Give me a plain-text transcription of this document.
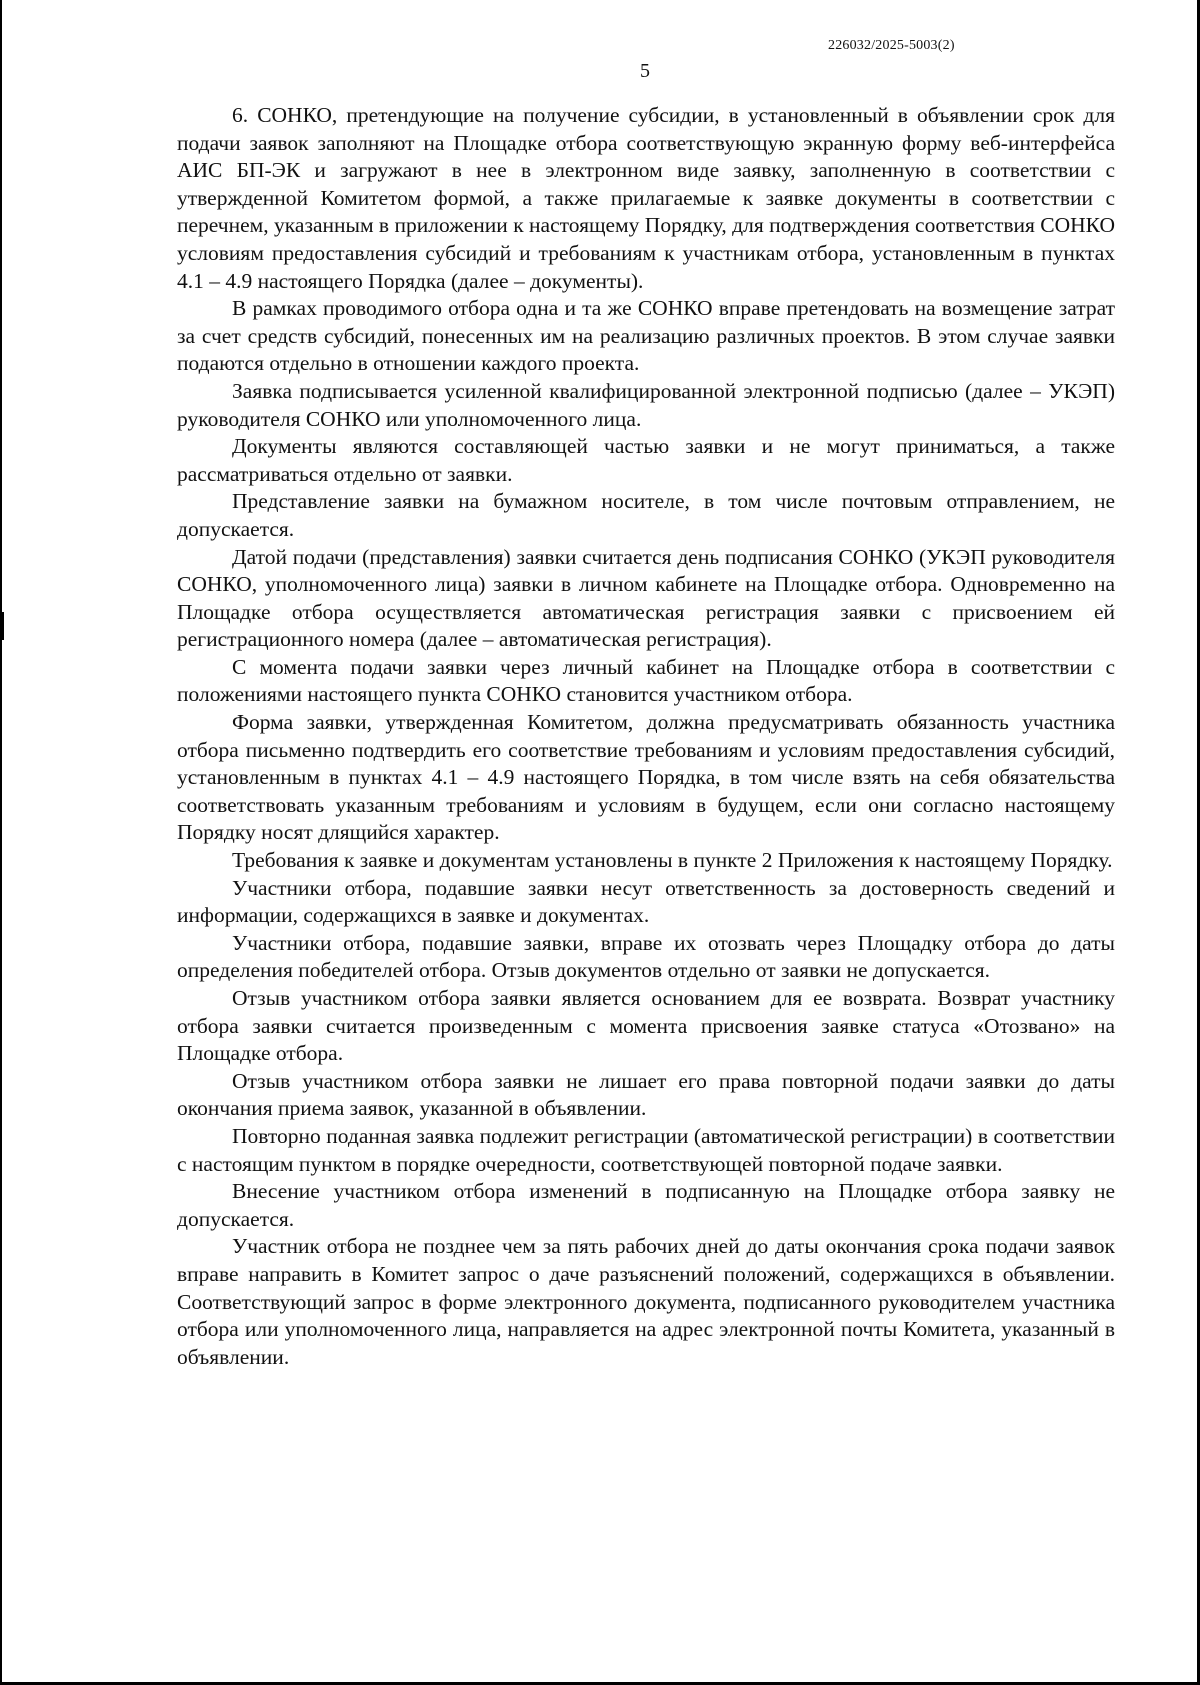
226032/2025-5003(2)
5

6. СОНКО, претендующие на получение субсидии, в установленный в объявлении срок для подачи заявок заполняют на Площадке отбора соответствующую экранную форму веб-интерфейса АИС БП-ЭК и загружают в нее в электронном виде заявку, заполненную в соответствии с утвержденной Комитетом формой, а также прилагаемые к заявке документы в соответствии с перечнем, указанным в приложении к настоящему Порядку, для подтверждения соответствия СОНКО условиям предоставления субсидий и требованиям к участникам отбора, установленным в пунктах 4.1 – 4.9 настоящего Порядка (далее – документы).

В рамках проводимого отбора одна и та же СОНКО вправе претендовать на возмещение затрат за счет средств субсидий, понесенных им на реализацию различных проектов. В этом случае заявки подаются отдельно в отношении каждого проекта.

Заявка подписывается усиленной квалифицированной электронной подписью (далее – УКЭП) руководителя СОНКО или уполномоченного лица.

Документы являются составляющей частью заявки и не могут приниматься, а также рассматриваться отдельно от заявки.

Представление заявки на бумажном носителе, в том числе почтовым отправлением, не допускается.

Датой подачи (представления) заявки считается день подписания СОНКО (УКЭП руководителя СОНКО, уполномоченного лица) заявки в личном кабинете на Площадке отбора. Одновременно на Площадке отбора осуществляется автоматическая регистрация заявки с присвоением ей регистрационного номера (далее – автоматическая регистрация).

С момента подачи заявки через личный кабинет на Площадке отбора в соответствии с положениями настоящего пункта СОНКО становится участником отбора.

Форма заявки, утвержденная Комитетом, должна предусматривать обязанность участника отбора письменно подтвердить его соответствие требованиям и условиям предоставления субсидий, установленным в пунктах 4.1 – 4.9 настоящего Порядка, в том числе взять на себя обязательства соответствовать указанным требованиям и условиям в будущем, если они согласно настоящему Порядку носят длящийся характер.

Требования к заявке и документам установлены в пункте 2 Приложения к настоящему Порядку.

Участники отбора, подавшие заявки несут ответственность за достоверность сведений и информации, содержащихся в заявке и документах.

Участники отбора, подавшие заявки, вправе их отозвать через Площадку отбора до даты определения победителей отбора. Отзыв документов отдельно от заявки не допускается.

Отзыв участником отбора заявки является основанием для ее возврата. Возврат участнику отбора заявки считается произведенным с момента присвоения заявке статуса «Отозвано» на Площадке отбора.

Отзыв участником отбора заявки не лишает его права повторной подачи заявки до даты окончания приема заявок, указанной в объявлении.

Повторно поданная заявка подлежит регистрации (автоматической регистрации) в соответствии с настоящим пунктом в порядке очередности, соответствующей повторной подаче заявки.

Внесение участником отбора изменений в подписанную на Площадке отбора заявку не допускается.

Участник отбора не позднее чем за пять рабочих дней до даты окончания срока подачи заявок вправе направить в Комитет запрос о даче разъяснений положений, содержащихся в объявлении. Соответствующий запрос в форме электронного документа, подписанного руководителем участника отбора или уполномоченного лица, направляется на адрес электронной почты Комитета, указанный в объявлении.
